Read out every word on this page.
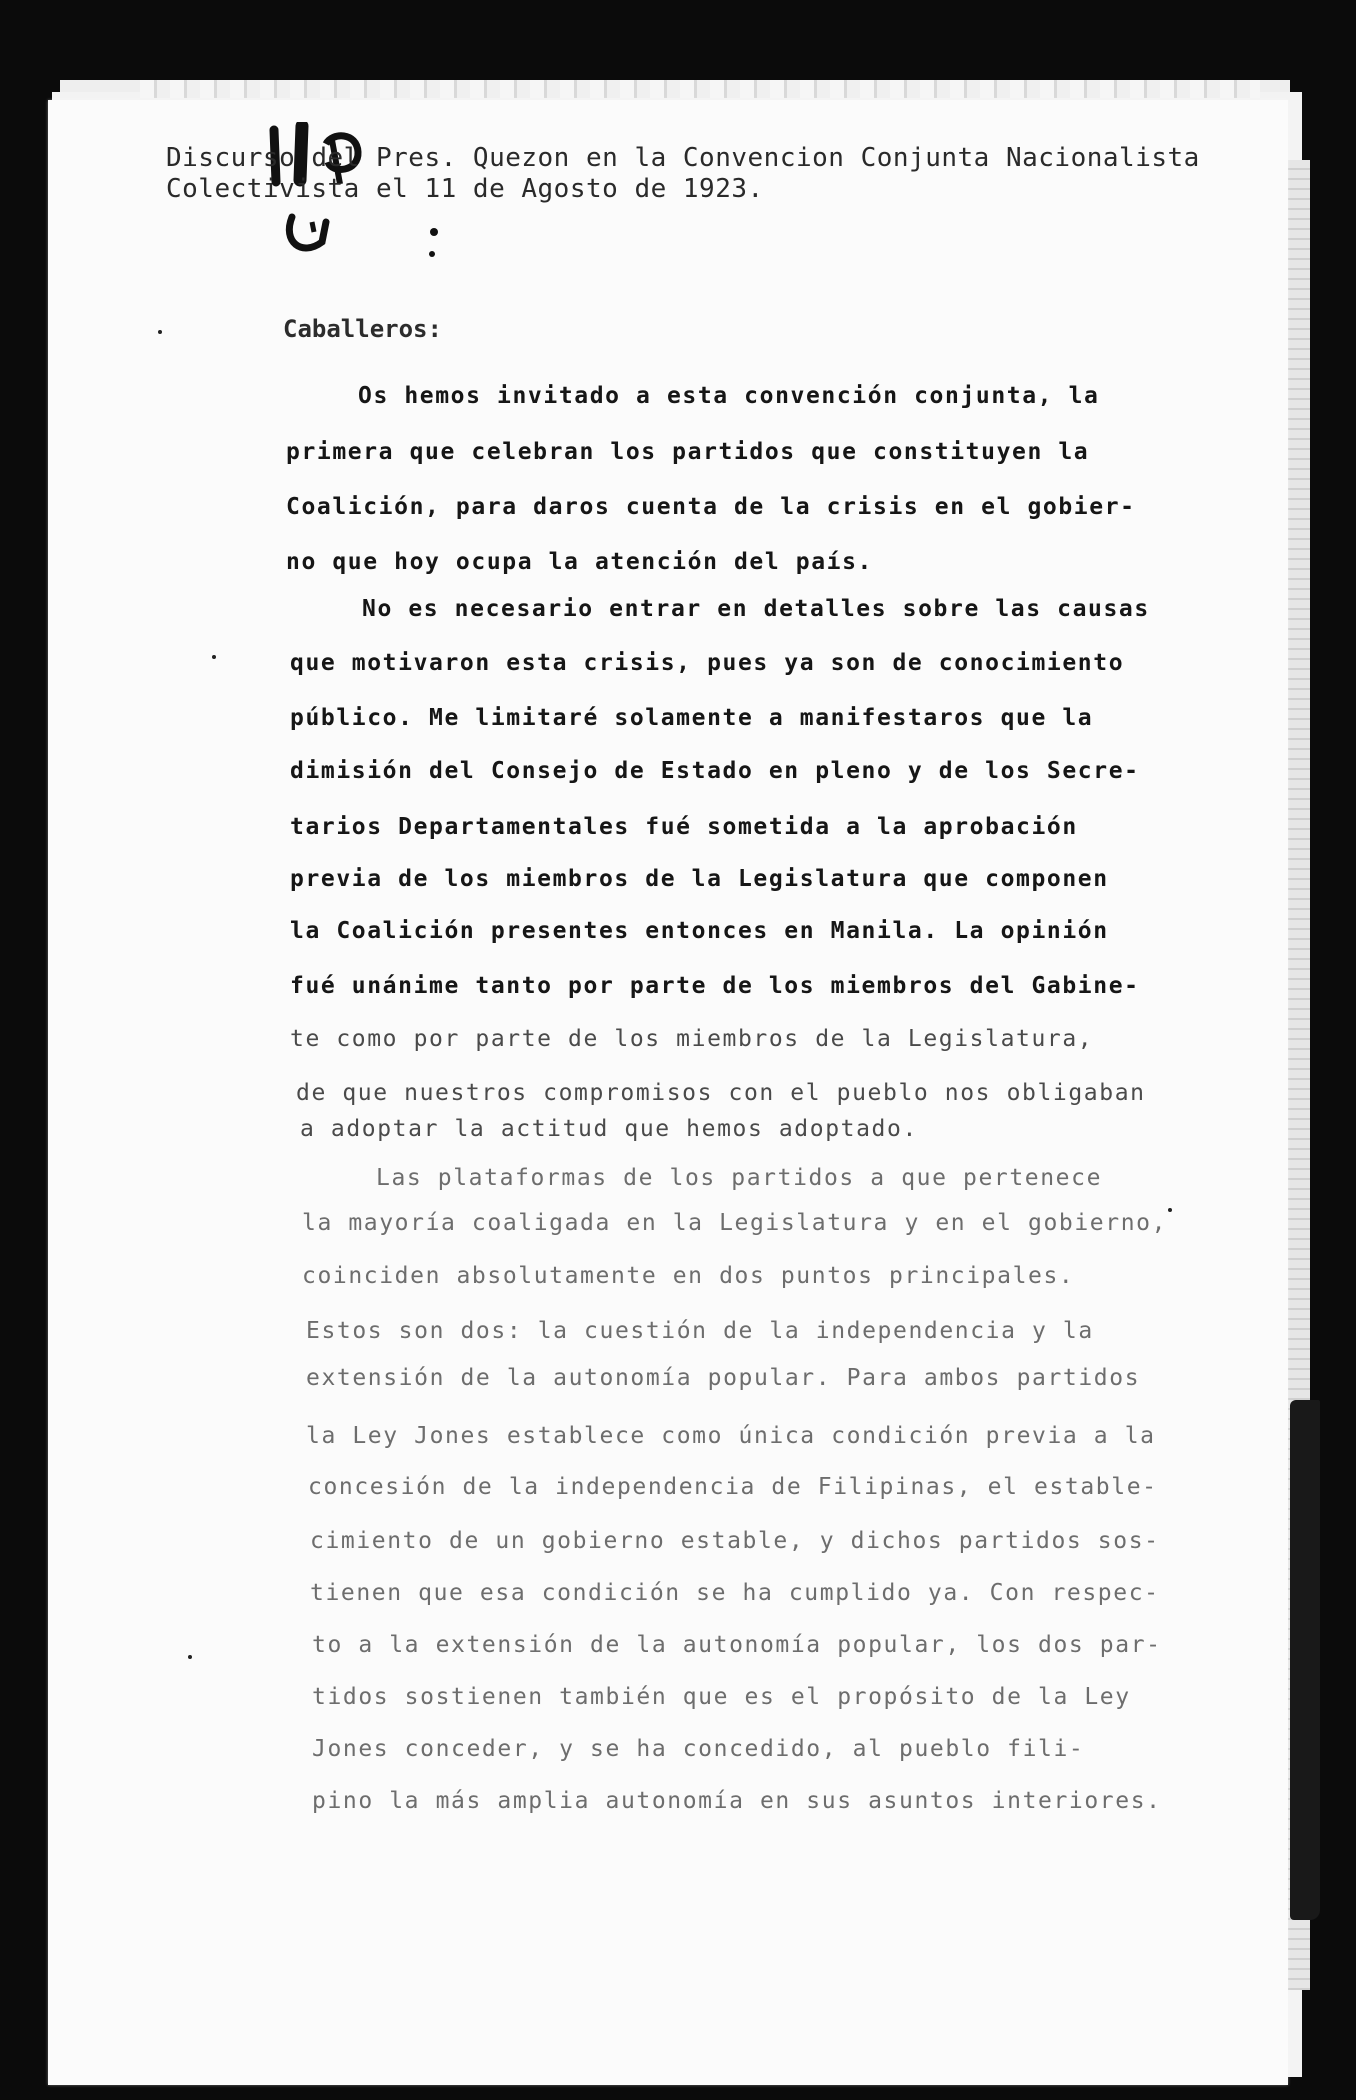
Discurso del Pres. Quezon en la Convencion Conjunta Nacionalista
Colectivista el 11 de Agosto de 1923.
Caballeros:
Os hemos invitado a esta convención conjunta, la
primera que celebran los partidos que constituyen la
Coalición, para daros cuenta de la crisis en el gobier-
no que hoy ocupa la atención del país.
No es necesario entrar en detalles sobre las causas
que motivaron esta crisis, pues ya son de conocimiento
público. Me limitaré solamente a manifestaros que la
dimisión del Consejo de Estado en pleno y de los Secre-
tarios Departamentales fué sometida a la aprobación
previa de los miembros de la Legislatura que componen
la Coalición presentes entonces en Manila. La opinión
fué unánime tanto por parte de los miembros del Gabine-
te como por parte de los miembros de la Legislatura,
de que nuestros compromisos con el pueblo nos obligaban
a adoptar la actitud que hemos adoptado.
Las plataformas de los partidos a que pertenece
la mayoría coaligada en la Legislatura y en el gobierno,
coinciden absolutamente en dos puntos principales.
Estos son dos: la cuestión de la independencia y la
extensión de la autonomía popular. Para ambos partidos
la Ley Jones establece como única condición previa a la
concesión de la independencia de Filipinas, el estable-
cimiento de un gobierno estable, y dichos partidos sos-
tienen que esa condición se ha cumplido ya. Con respec-
to a la extensión de la autonomía popular, los dos par-
tidos sostienen también que es el propósito de la Ley
Jones conceder, y se ha concedido, al pueblo fili-
pino la más amplia autonomía en sus asuntos interiores.
